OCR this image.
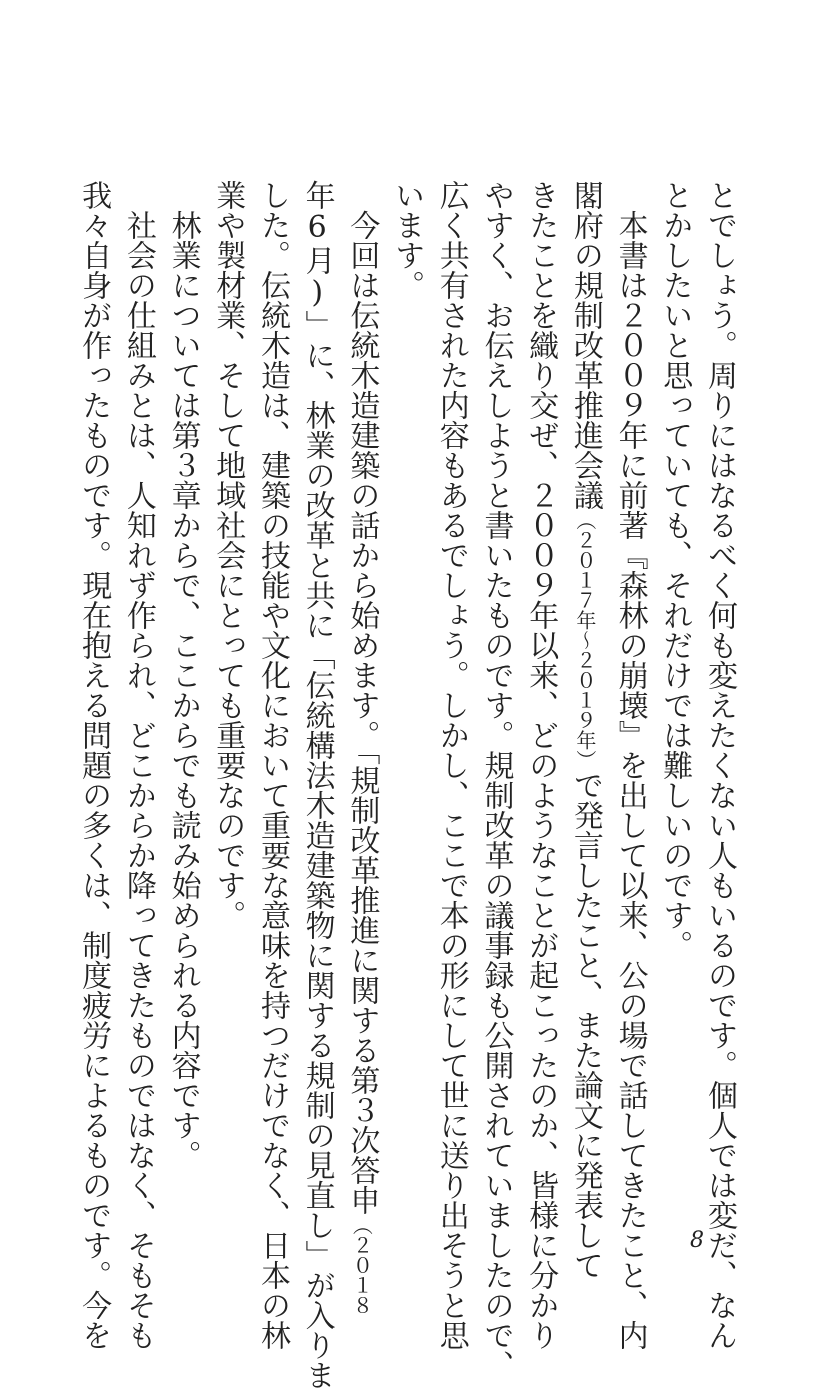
とでしょう。周りにはなるべく何も変えたくない人もいるのです。個人では変だ、なん

とかしたいと思っていても、それだけでは難しいのです。

　本書は２００９年に前著『森林の崩壊』を出して以来、公の場で話してきたこと、内

閣府の規制改革推進会議（２０１７年〜２０１９年）で発言したこと、また論文に発表して

きたことを織り交ぜ、２００９年以来、どのようなことが起こったのか、皆様に分かり

やすく、お伝えしようと書いたものです。規制改革の議事録も公開されていましたので、

広く共有された内容もあるでしょう。しかし、ここで本の形にして世に送り出そうと思

います。

　今回は伝統木造建築の話から始めます。「規制改革推進に関する第３次答申（２０１８

年6月)」に、林業の改革と共に「伝統構法木造建築物に関する規制の見直し」が入りま

した。伝統木造は、建築の技能や文化において重要な意味を持つだけでなく、日本の林

業や製材業、そして地域社会にとっても重要なのです。

　林業については第３章からで、ここからでも読み始められる内容です。

　社会の仕組みとは、人知れず作られ、どこからか降ってきたものではなく、そもそも

我々自身が作ったものです。現在抱える問題の多くは、制度疲労によるものです。今を	8
